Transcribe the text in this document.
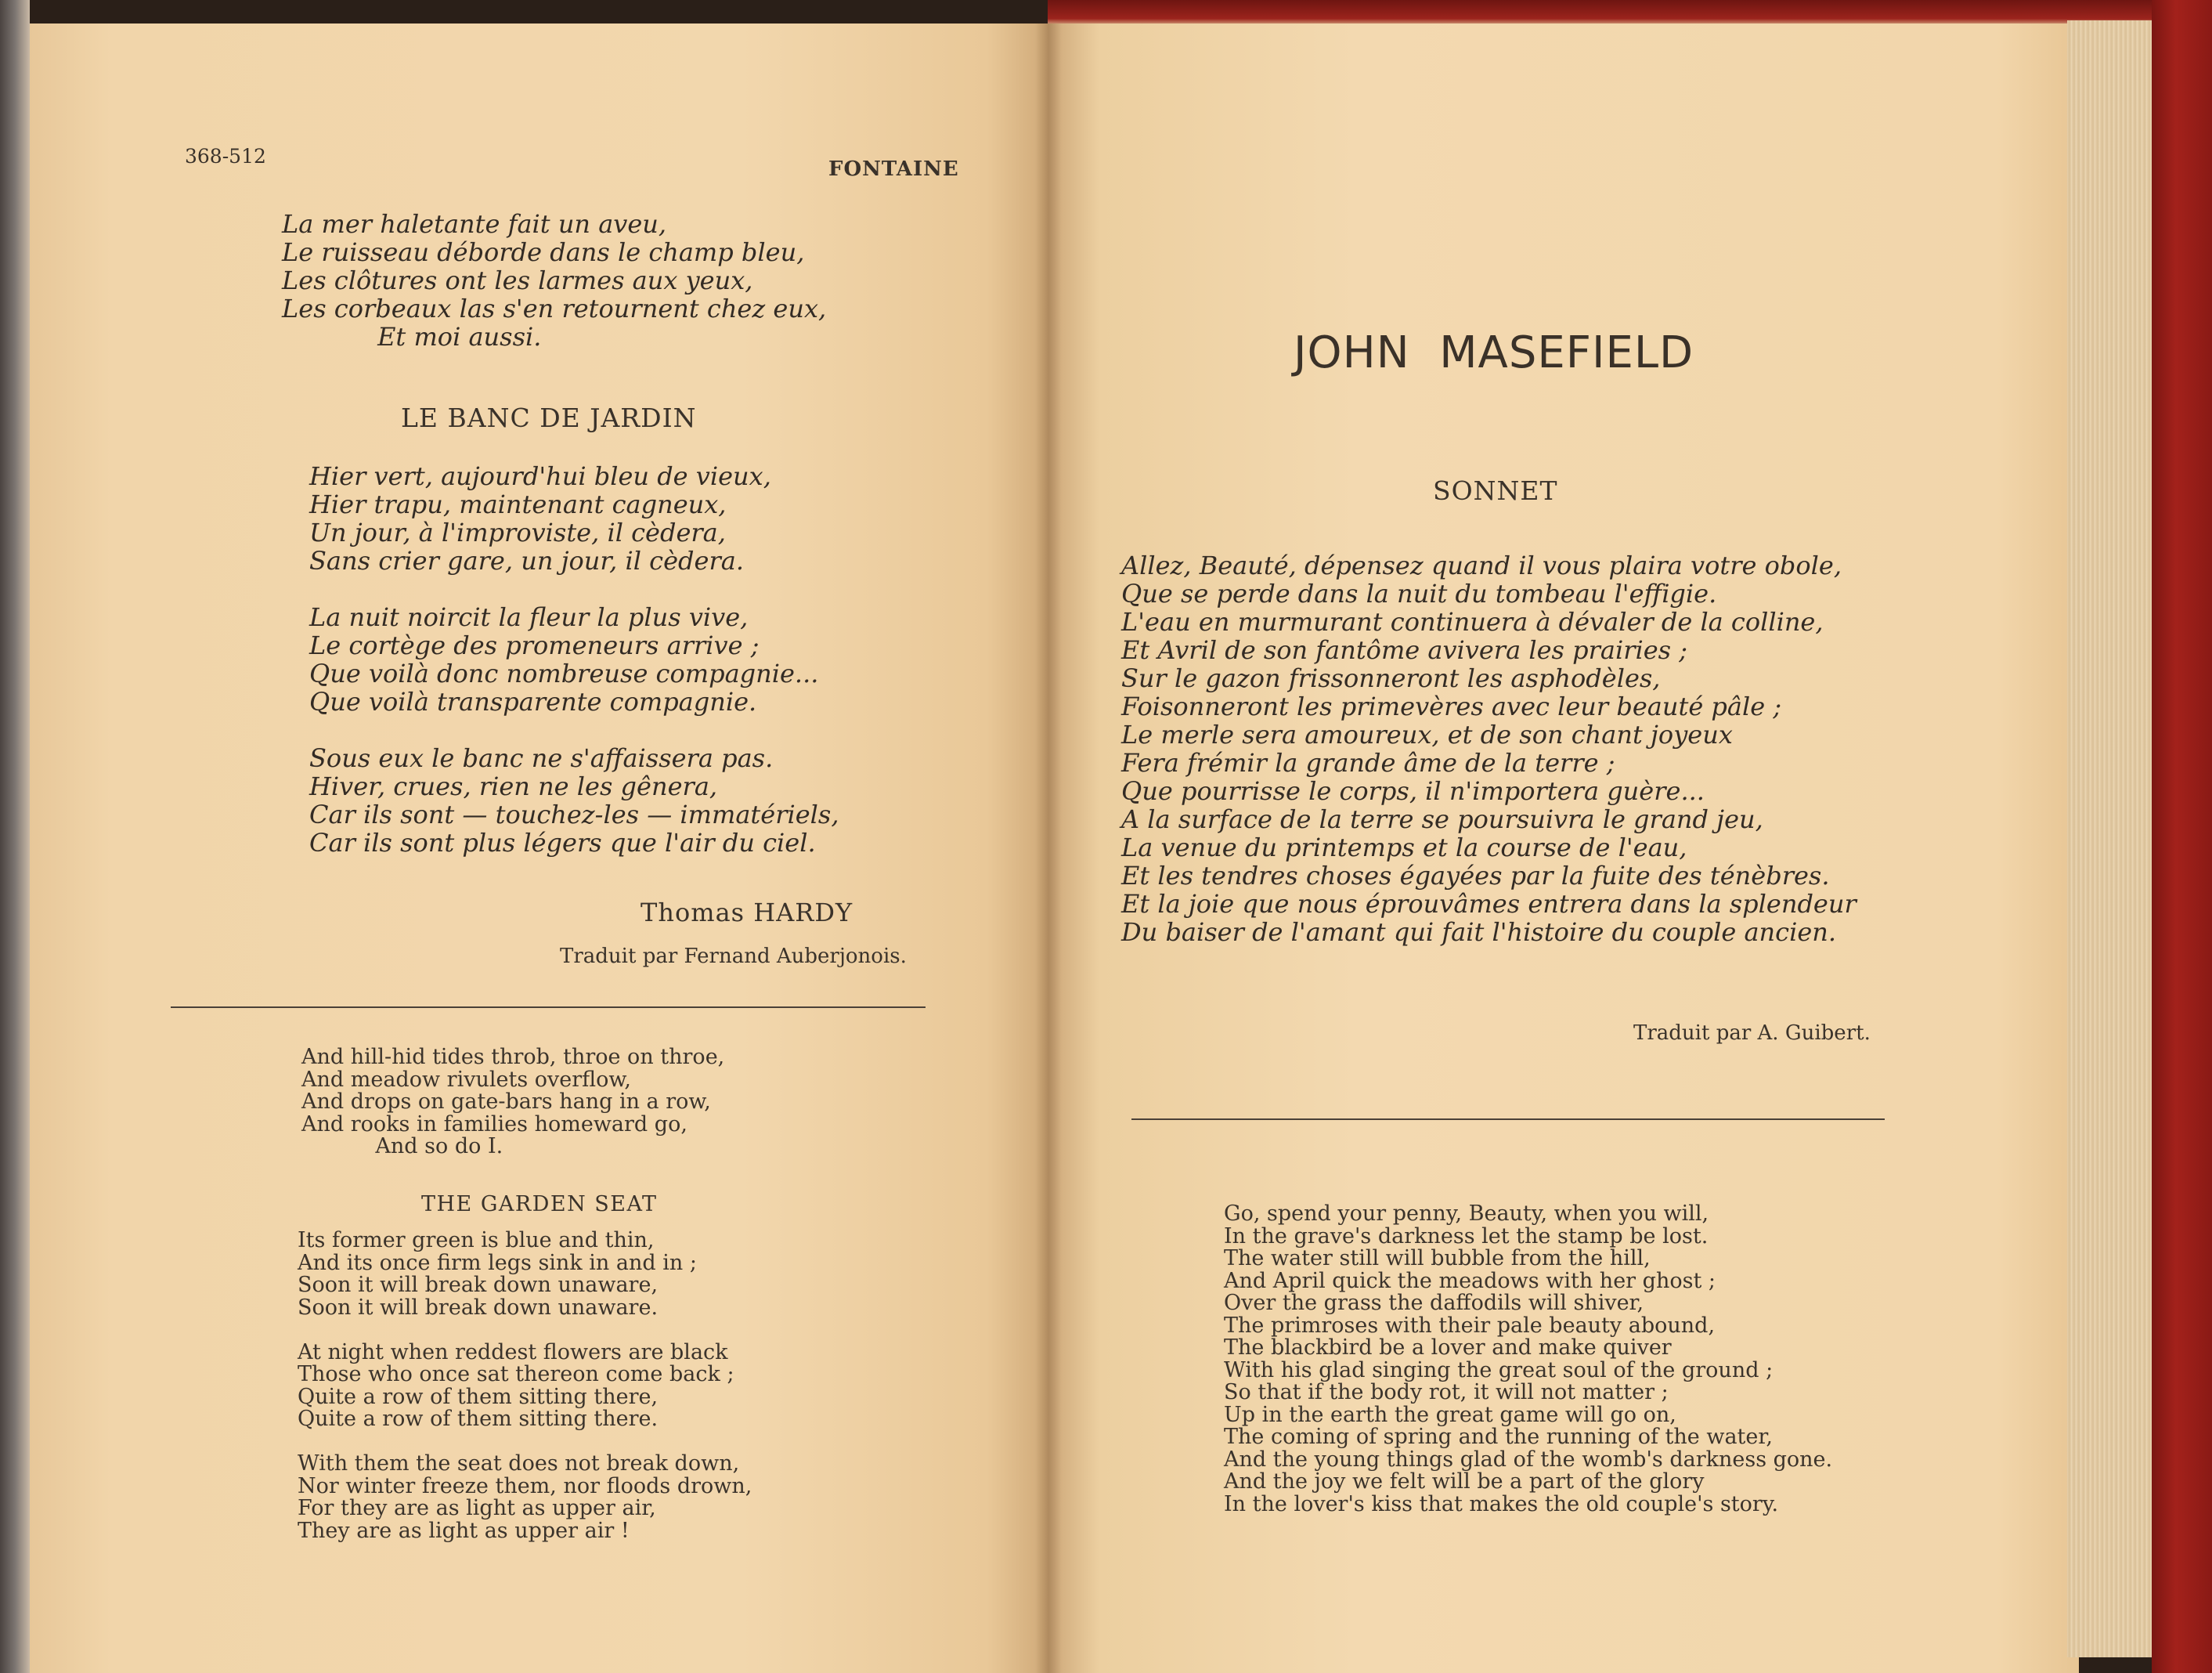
368-512
FONTAINE
La mer haletante fait un aveu,
Le ruisseau déborde dans le champ bleu,
Les clôtures ont les larmes aux yeux,
Les corbeaux las s'en retournent chez eux,
Et moi aussi.
LE BANC DE JARDIN
Hier vert, aujourd'hui bleu de vieux,
Hier trapu, maintenant cagneux,
Un jour, à l'improviste, il cèdera,
Sans crier gare, un jour, il cèdera.

La nuit noircit la fleur la plus vive,
Le cortège des promeneurs arrive ;
Que voilà donc nombreuse compagnie...
Que voilà transparente compagnie.

Sous eux le banc ne s'affaissera pas.
Hiver, crues, rien ne les gênera,
Car ils sont — touchez-les — immatériels,
Car ils sont plus légers que l'air du ciel.
Thomas HARDY
Traduit par Fernand Auberjonois.
And hill-hid tides throb, throe on throe,
And meadow rivulets overflow,
And drops on gate-bars hang in a row,
And rooks in families homeward go,
And so do I.
THE GARDEN SEAT
Its former green is blue and thin,
And its once firm legs sink in and in ;
Soon it will break down unaware,
Soon it will break down unaware.

At night when reddest flowers are black
Those who once sat thereon come back ;
Quite a row of them sitting there,
Quite a row of them sitting there.

With them the seat does not break down,
Nor winter freeze them, nor floods drown,
For they are as light as upper air,
They are as light as upper air !
JOHN  MASEFIELD
SONNET
Allez, Beauté, dépensez quand il vous plaira votre obole,
Que se perde dans la nuit du tombeau l'effigie.
L'eau en murmurant continuera à dévaler de la colline,
Et Avril de son fantôme avivera les prairies ;
Sur le gazon frissonneront les asphodèles,
Foisonneront les primevères avec leur beauté pâle ;
Le merle sera amoureux, et de son chant joyeux
Fera frémir la grande âme de la terre ;
Que pourrisse le corps, il n'importera guère...
A la surface de la terre se poursuivra le grand jeu,
La venue du printemps et la course de l'eau,
Et les tendres choses égayées par la fuite des ténèbres.
Et la joie que nous éprouvâmes entrera dans la splendeur
Du baiser de l'amant qui fait l'histoire du couple ancien.
Traduit par A. Guibert.
Go, spend your penny, Beauty, when you will,
In the grave's darkness let the stamp be lost.
The water still will bubble from the hill,
And April quick the meadows with her ghost ;
Over the grass the daffodils will shiver,
The primroses with their pale beauty abound,
The blackbird be a lover and make quiver
With his glad singing the great soul of the ground ;
So that if the body rot, it will not matter ;
Up in the earth the great game will go on,
The coming of spring and the running of the water,
And the young things glad of the womb's darkness gone.
And the joy we felt will be a part of the glory
In the lover's kiss that makes the old couple's story.
